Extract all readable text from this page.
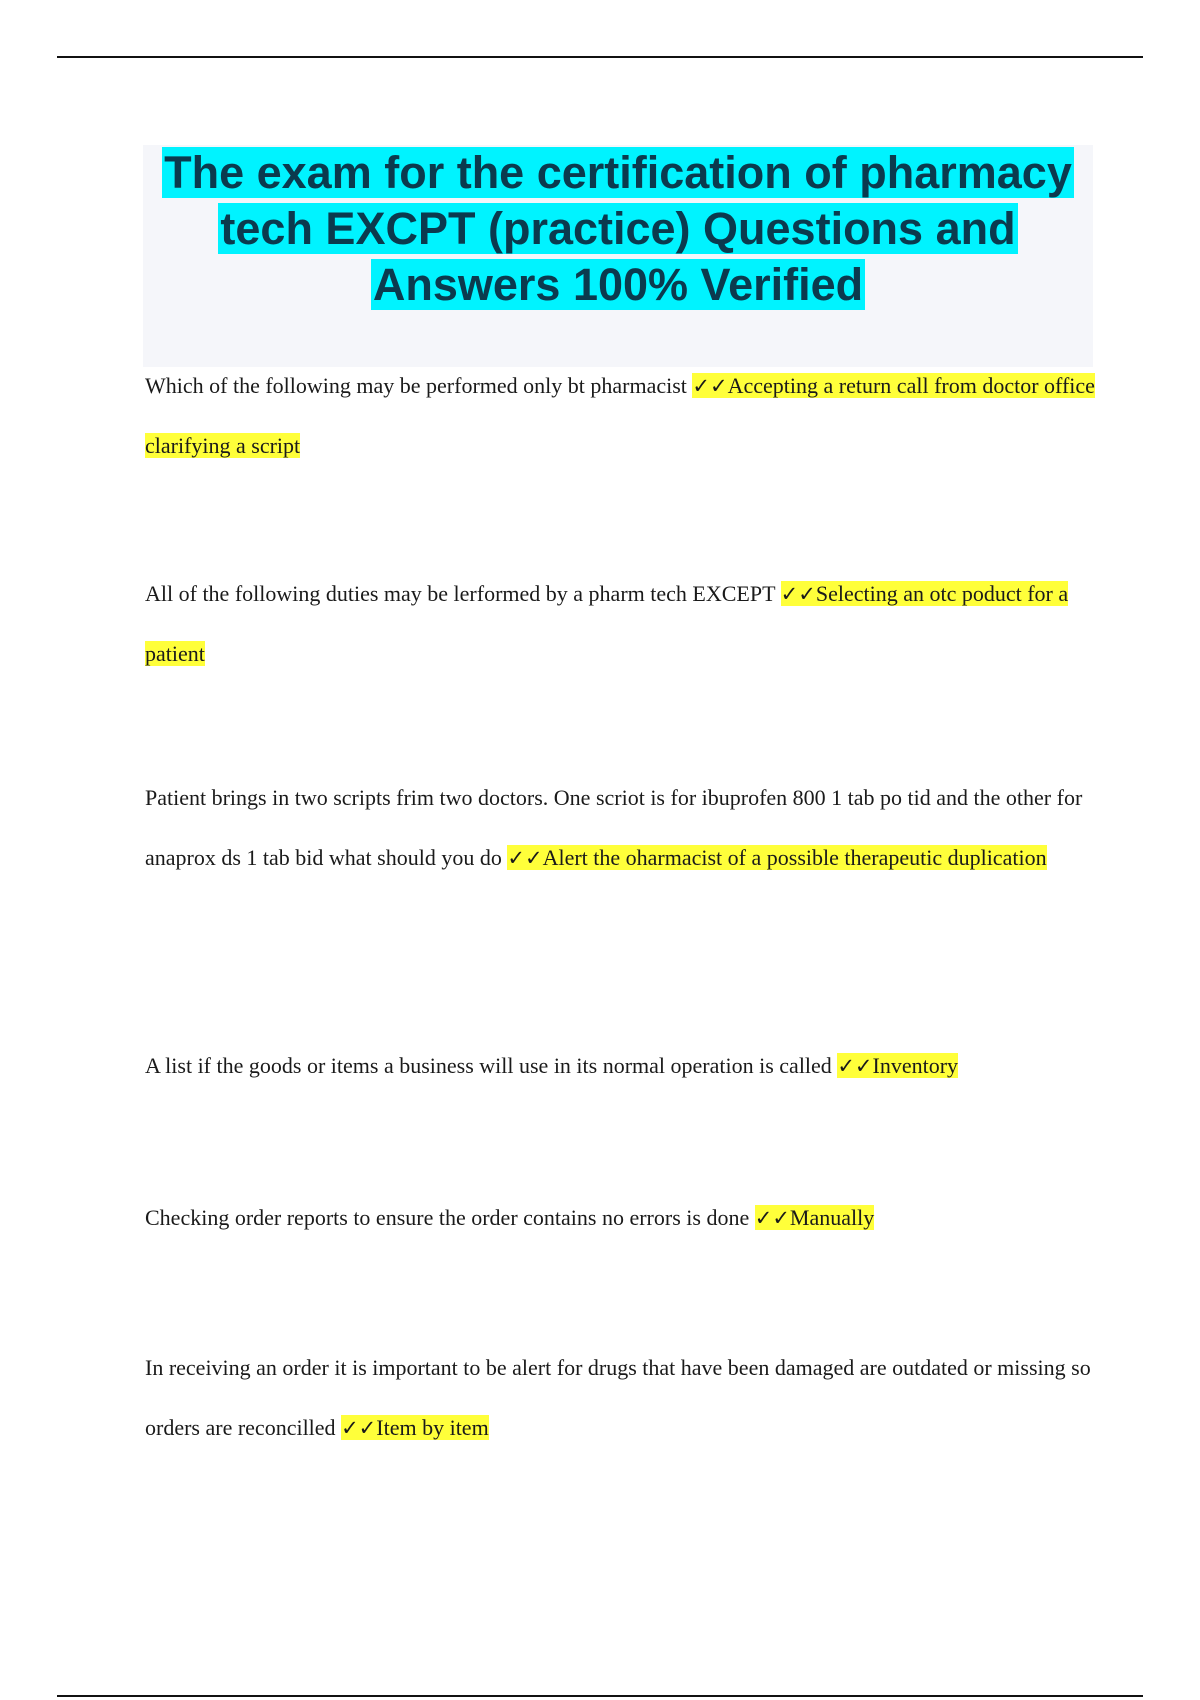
The exam for the certification of pharmacy tech EXCPT (practice) Questions and Answers 100% Verified

Which of the following may be performed only bt pharmacist ✓✓Accepting a return call from doctor office clarifying a script

All of the following duties may be lerformed by a pharm tech EXCEPT ✓✓Selecting an otc poduct for a patient

Patient brings in two scripts frim two doctors. One scriot is for ibuprofen 800 1 tab po tid and the other for anaprox ds 1 tab bid what should you do ✓✓Alert the oharmacist of a possible therapeutic duplication

A list if the goods or items a business will use in its normal operation is called ✓✓Inventory

Checking order reports to ensure the order contains no errors is done ✓✓Manually

In receiving an order it is important to be alert for drugs that have been damaged are outdated or missing so orders are reconcilled ✓✓Item by item
